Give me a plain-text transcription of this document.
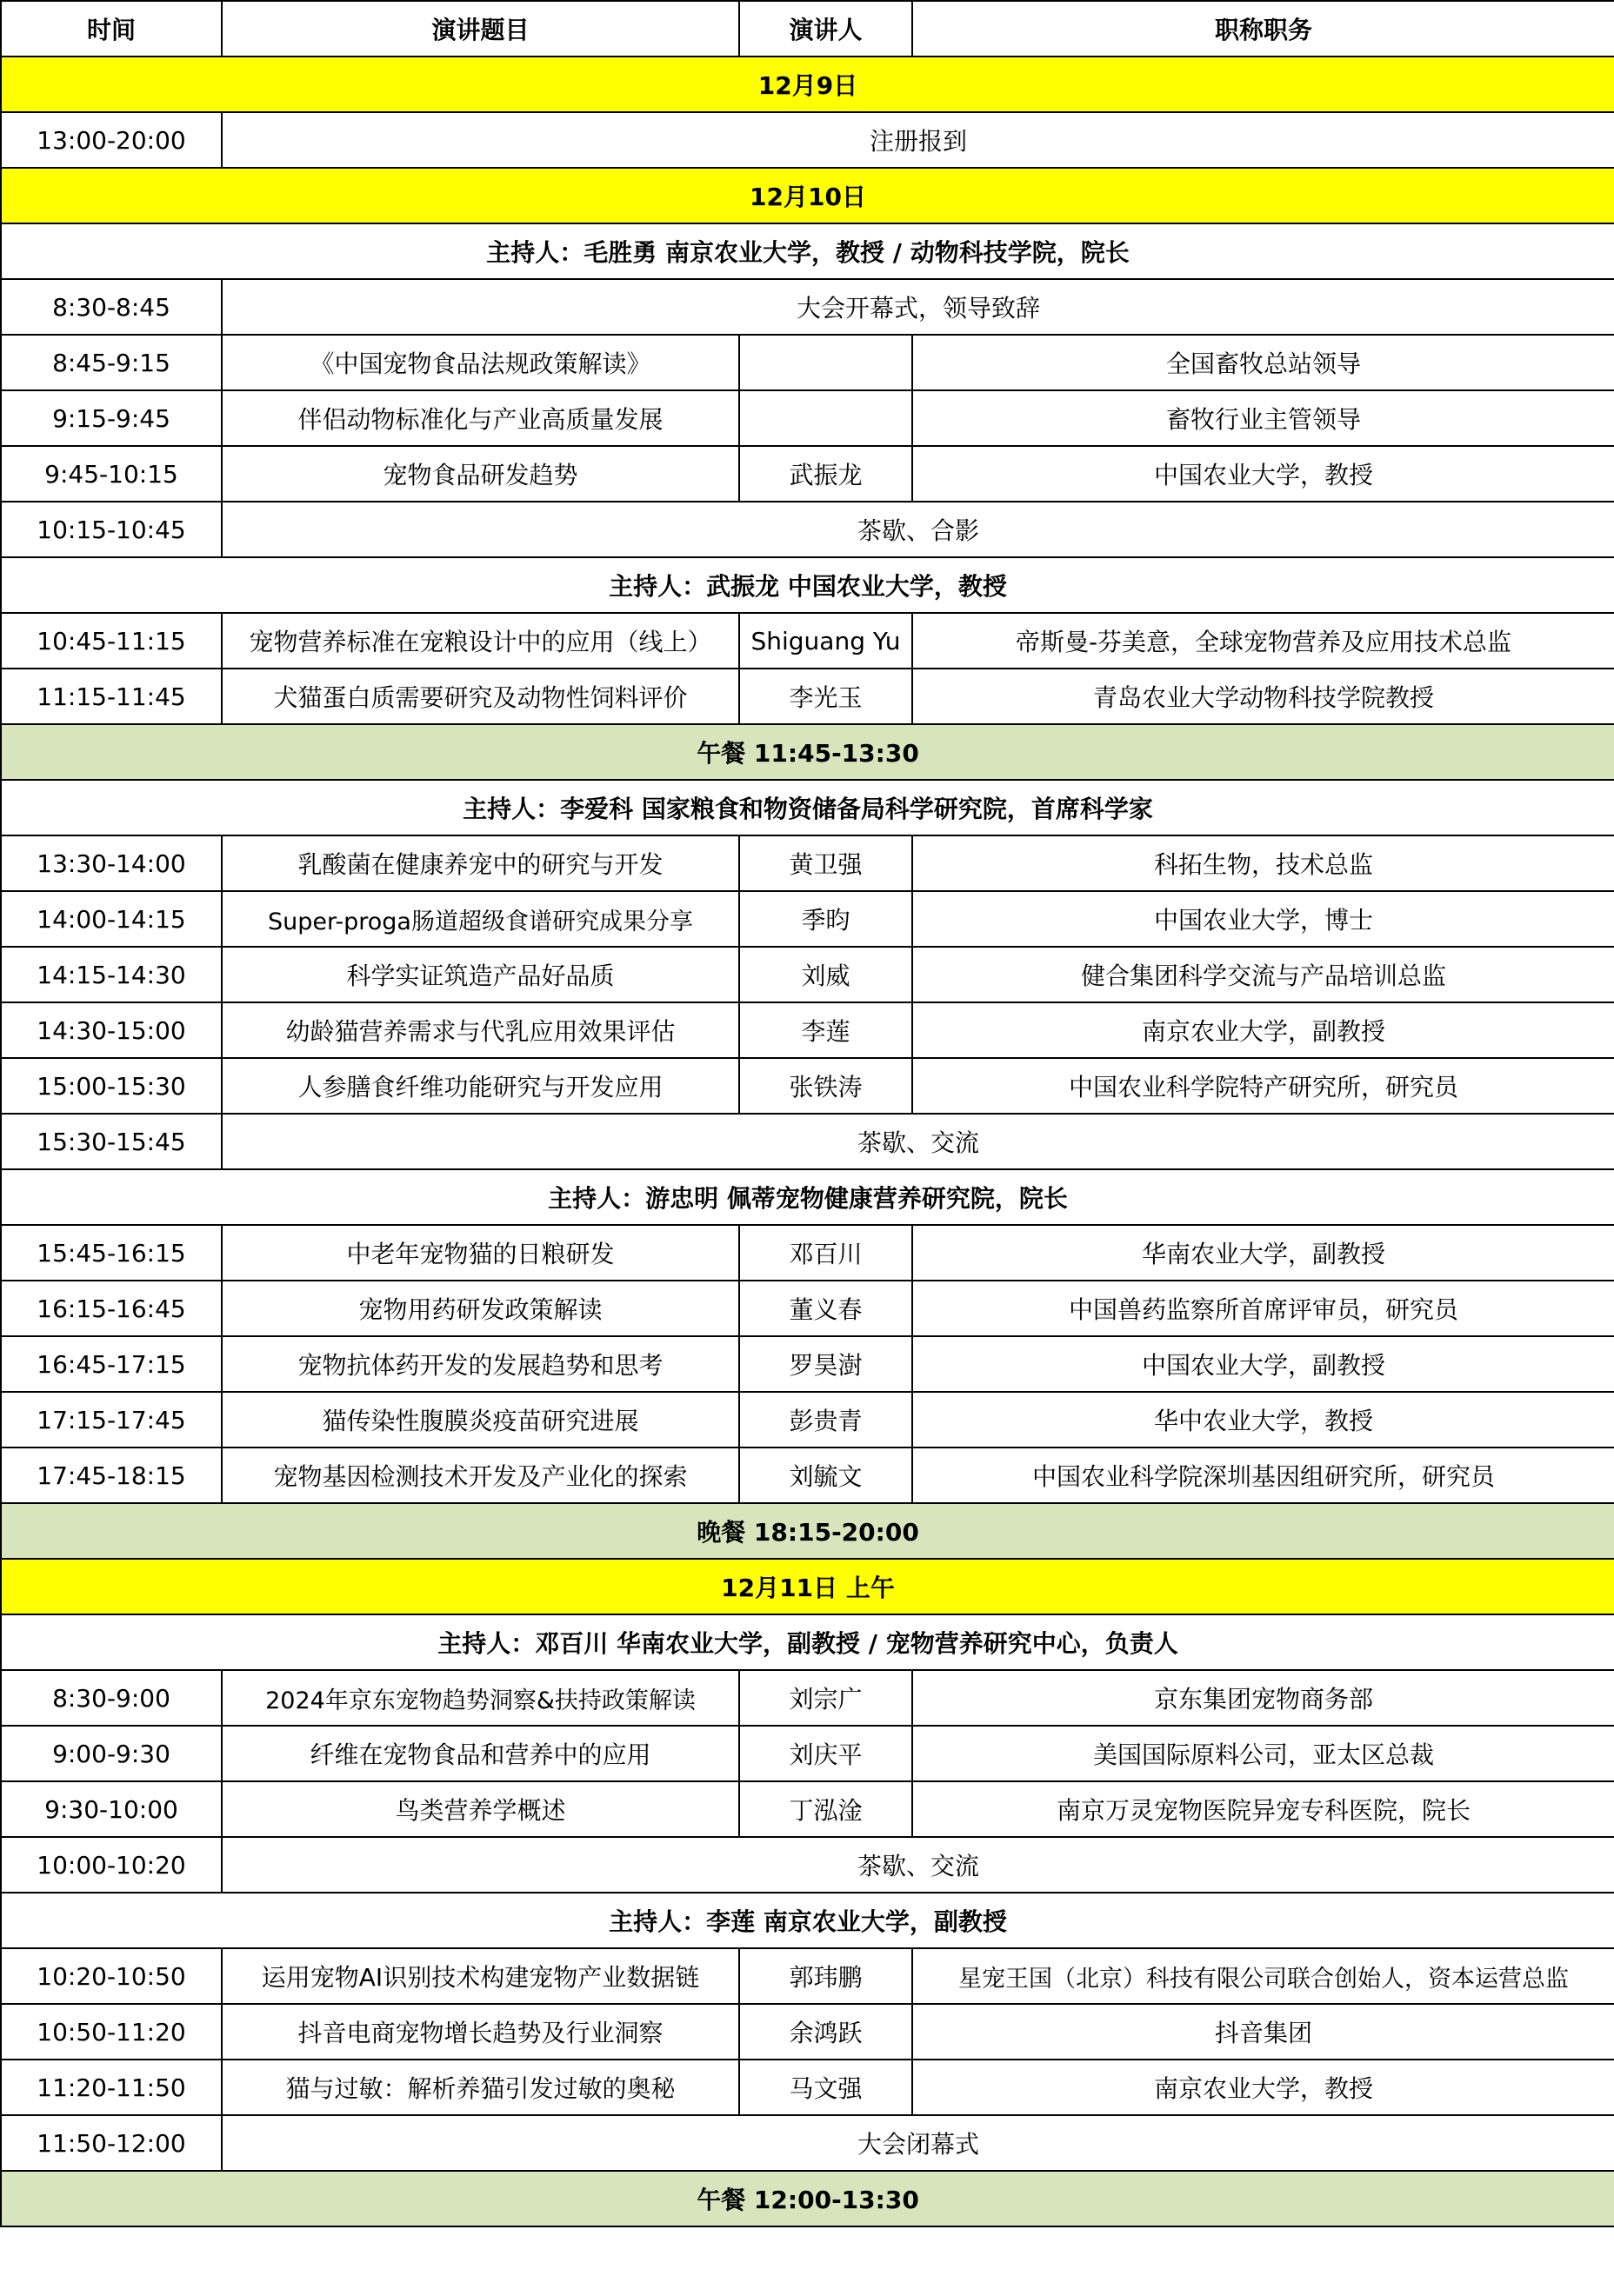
时间	演讲题目	演讲人	职称职务
12月9日			
13:00-20:00	注册报到		
12月10日			
主持人：毛胜勇 南京农业大学，教授 / 动物科技学院，院长			
8:30-8:45	大会开幕式，领导致辞		
8:45-9:15	《中国宠物食品法规政策解读》		全国畜牧总站领导
9:15-9:45	伴侣动物标准化与产业高质量发展		畜牧行业主管领导
9:45-10:15	宠物食品研发趋势	武振龙	中国农业大学，教授
10:15-10:45	茶歇、合影		
主持人：武振龙 中国农业大学，教授			
10:45-11:15	宠物营养标准在宠粮设计中的应用（线上）	Shiguang Yu	帝斯曼-芬美意，全球宠物营养及应用技术总监
11:15-11:45	犬猫蛋白质需要研究及动物性饲料评价	李光玉	青岛农业大学动物科技学院教授
午餐 11:45-13:30			
主持人：李爱科 国家粮食和物资储备局科学研究院，首席科学家			
13:30-14:00	乳酸菌在健康养宠中的研究与开发	黄卫强	科拓生物，技术总监
14:00-14:15	Super-proga肠道超级食谱研究成果分享	季昀	中国农业大学，博士
14:15-14:30	科学实证筑造产品好品质	刘威	健合集团科学交流与产品培训总监
14:30-15:00	幼龄猫营养需求与代乳应用效果评估	李莲	南京农业大学，副教授
15:00-15:30	人参膳食纤维功能研究与开发应用	张铁涛	中国农业科学院特产研究所，研究员
15:30-15:45	茶歇、交流		
主持人：游忠明 佩蒂宠物健康营养研究院，院长			
15:45-16:15	中老年宠物猫的日粮研发	邓百川	华南农业大学，副教授
16:15-16:45	宠物用药研发政策解读	董义春	中国兽药监察所首席评审员，研究员
16:45-17:15	宠物抗体药开发的发展趋势和思考	罗昊澍	中国农业大学，副教授
17:15-17:45	猫传染性腹膜炎疫苗研究进展	彭贵青	华中农业大学，教授
17:45-18:15	宠物基因检测技术开发及产业化的探索	刘毓文	中国农业科学院深圳基因组研究所，研究员
晚餐 18:15-20:00			
12月11日 上午			
主持人：邓百川 华南农业大学，副教授 / 宠物营养研究中心，负责人			
8:30-9:00	2024年京东宠物趋势洞察&扶持政策解读	刘宗广	京东集团宠物商务部
9:00-9:30	纤维在宠物食品和营养中的应用	刘庆平	美国国际原料公司，亚太区总裁
9:30-10:00	鸟类营养学概述	丁泓淦	南京万灵宠物医院异宠专科医院，院长
10:00-10:20	茶歇、交流		
主持人：李莲 南京农业大学，副教授			
10:20-10:50	运用宠物AI识别技术构建宠物产业数据链	郭玮鹏	星宠王国（北京）科技有限公司联合创始人，资本运营总监
10:50-11:20	抖音电商宠物增长趋势及行业洞察	余鸿跃	抖音集团
11:20-11:50	猫与过敏：解析养猫引发过敏的奥秘	马文强	南京农业大学，教授
11:50-12:00	大会闭幕式		
午餐 12:00-13:30			
